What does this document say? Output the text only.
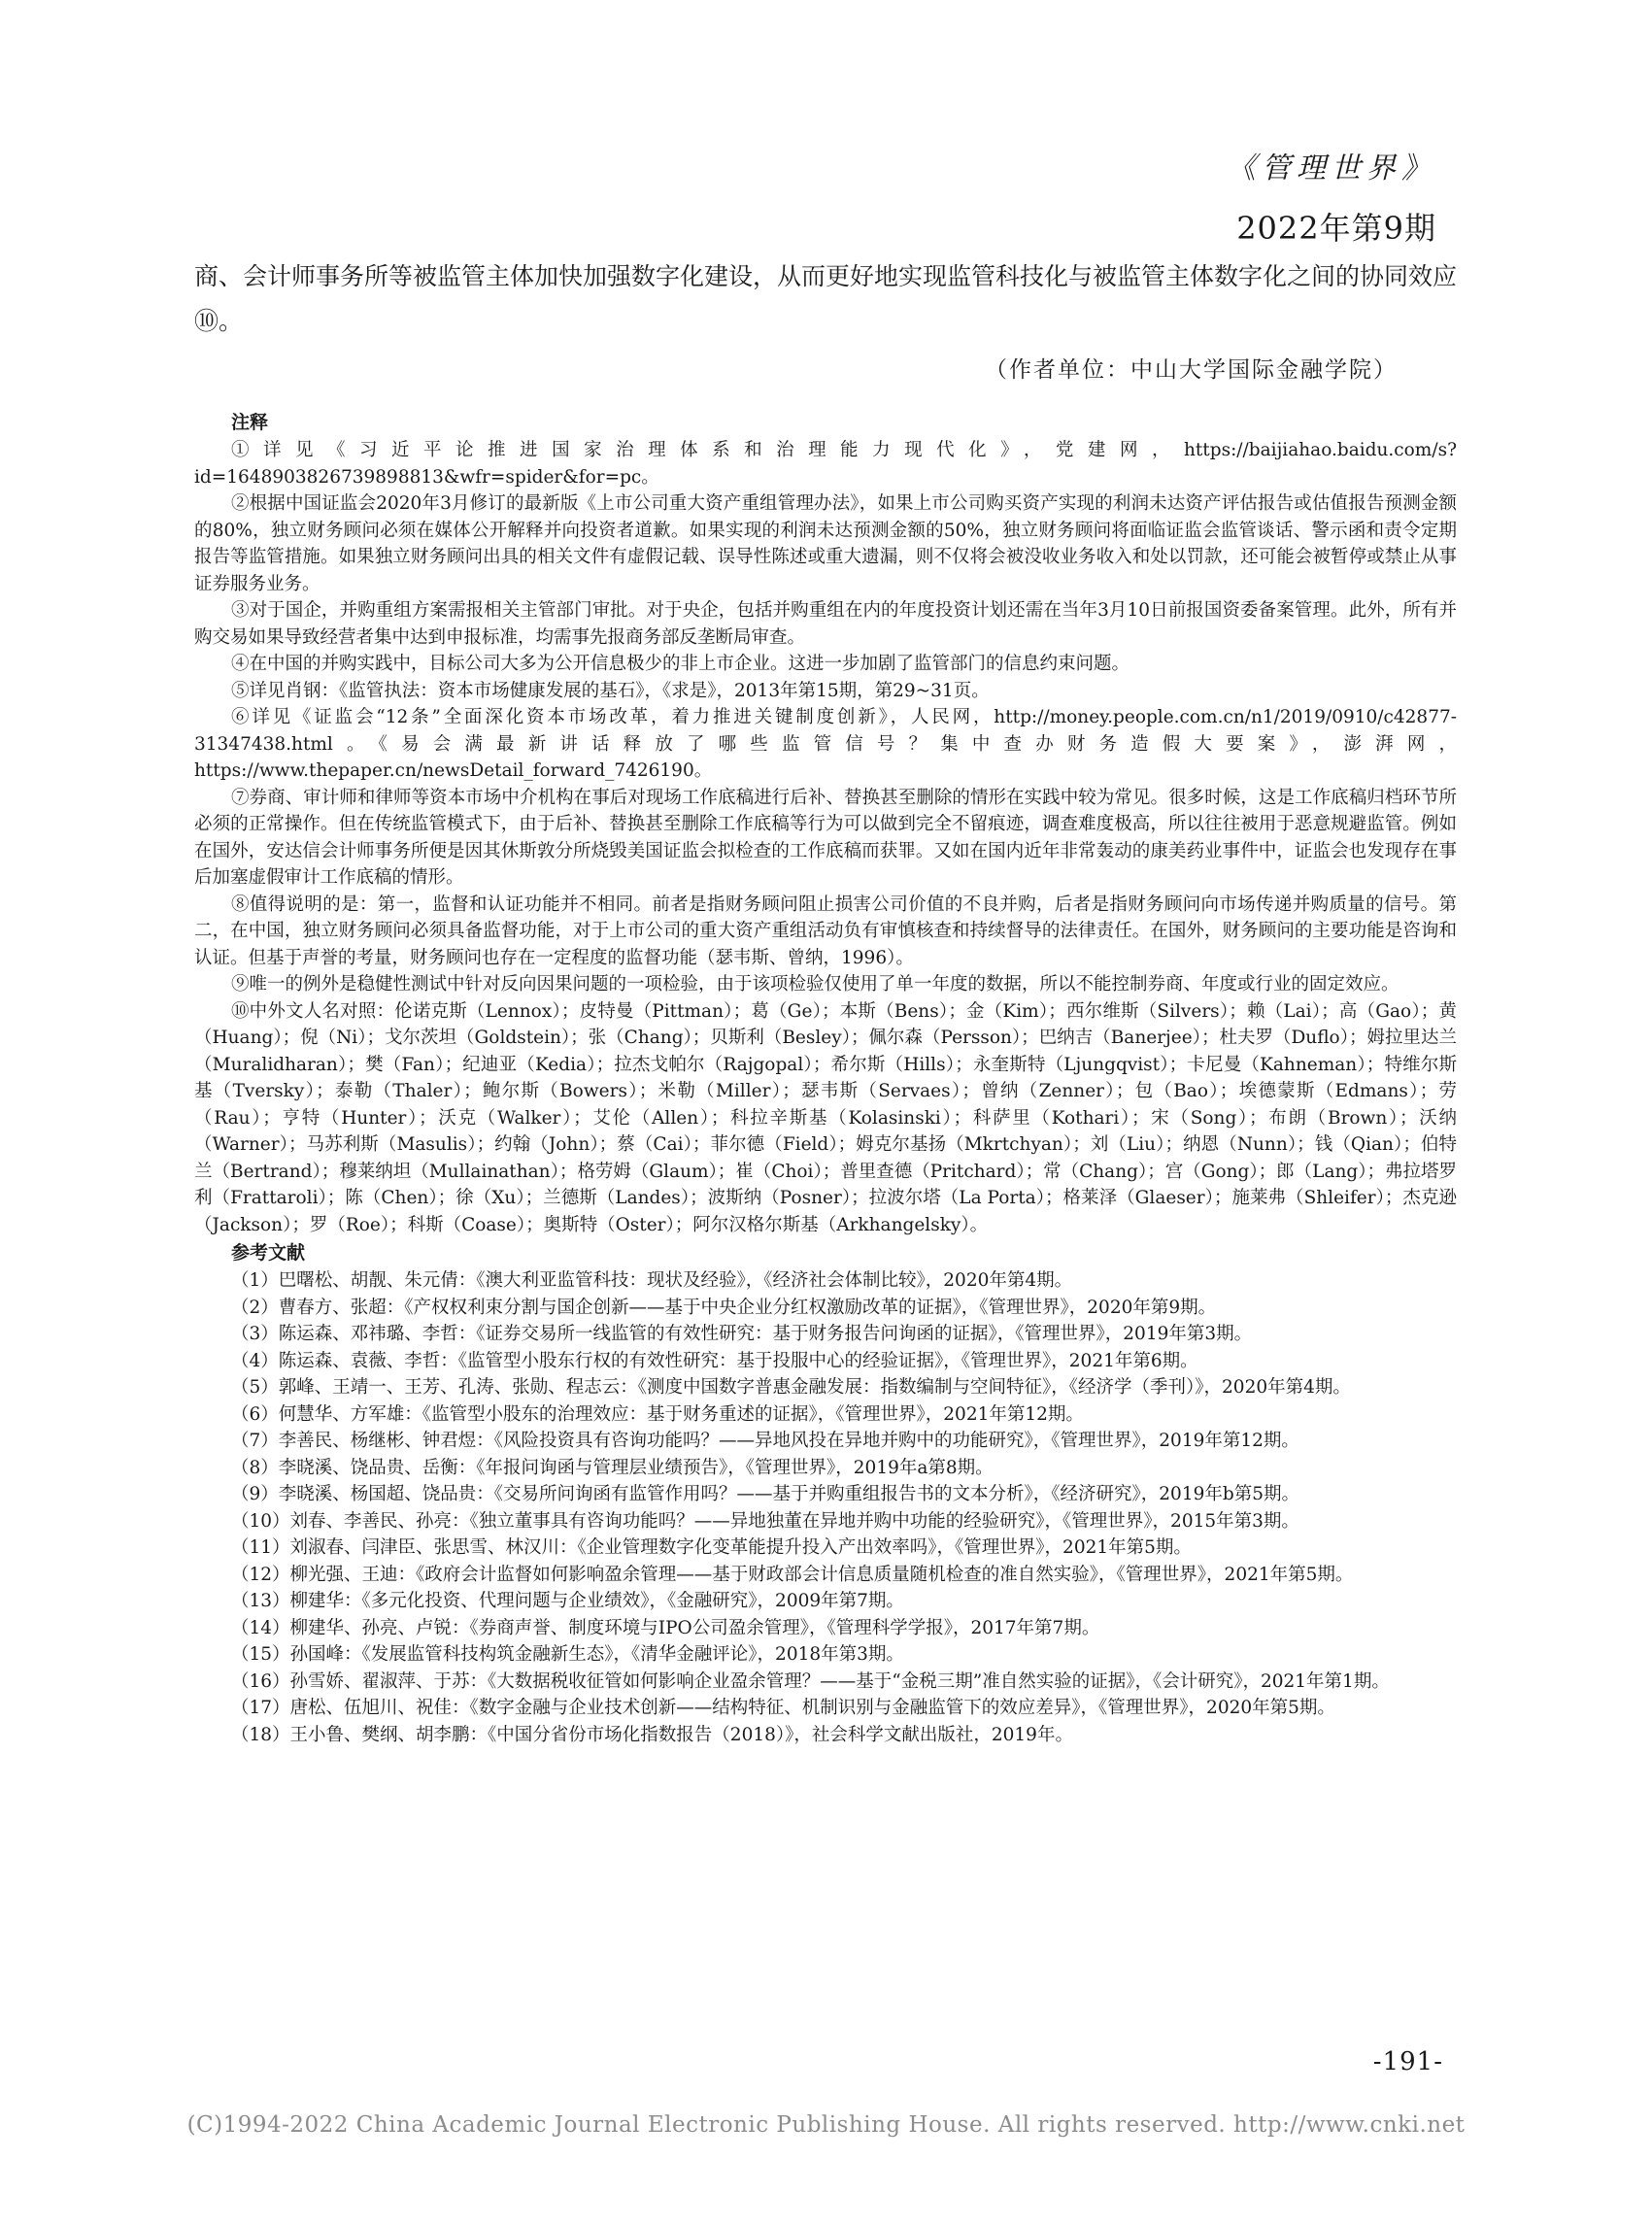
《管理世界》
2022年第9期
商、会计师事务所等被监管主体加快加强数字化建设，从而更好地实现监管科技化与被监管主体数字化之间的协同效应⑩。
（作者单位：中山大学国际金融学院）
注释

①详见《习近平论推进国家治理体系和治理能力现代化》，党建网，https://baijiahao.baidu.com/s?id=1648903826739898813&wfr=spider&for=pc。

②根据中国证监会2020年3月修订的最新版《上市公司重大资产重组管理办法》，如果上市公司购买资产实现的利润未达资产评估报告或估值报告预测金额的80%，独立财务顾问必须在媒体公开解释并向投资者道歉。如果实现的利润未达预测金额的50%，独立财务顾问将面临证监会监管谈话、警示函和责令定期报告等监管措施。如果独立财务顾问出具的相关文件有虚假记载、误导性陈述或重大遗漏，则不仅将会被没收业务收入和处以罚款，还可能会被暂停或禁止从事证券服务业务。

③对于国企，并购重组方案需报相关主管部门审批。对于央企，包括并购重组在内的年度投资计划还需在当年3月10日前报国资委备案管理。此外，所有并购交易如果导致经营者集中达到申报标准，均需事先报商务部反垄断局审查。

④在中国的并购实践中，目标公司大多为公开信息极少的非上市企业。这进一步加剧了监管部门的信息约束问题。

⑤详见肖钢：《监管执法：资本市场健康发展的基石》，《求是》，2013年第15期，第29~31页。

⑥详见《证监会“12条”全面深化资本市场改革，着力推进关键制度创新》，人民网，http://money.people.com.cn/n1/2019/0910/c42877-31347438.html。《易会满最新讲话释放了哪些监管信号？集中查办财务造假大要案》，澎湃网，https://www.thepaper.cn/newsDetail_forward_7426190。

⑦券商、审计师和律师等资本市场中介机构在事后对现场工作底稿进行后补、替换甚至删除的情形在实践中较为常见。很多时候，这是工作底稿归档环节所必须的正常操作。但在传统监管模式下，由于后补、替换甚至删除工作底稿等行为可以做到完全不留痕迹，调查难度极高，所以往往被用于恶意规避监管。例如在国外，安达信会计师事务所便是因其休斯敦分所烧毁美国证监会拟检查的工作底稿而获罪。又如在国内近年非常轰动的康美药业事件中，证监会也发现存在事后加塞虚假审计工作底稿的情形。

⑧值得说明的是：第一，监督和认证功能并不相同。前者是指财务顾问阻止损害公司价值的不良并购，后者是指财务顾问向市场传递并购质量的信号。第二，在中国，独立财务顾问必须具备监督功能，对于上市公司的重大资产重组活动负有审慎核查和持续督导的法律责任。在国外，财务顾问的主要功能是咨询和认证。但基于声誉的考量，财务顾问也存在一定程度的监督功能（瑟韦斯、曾纳，1996）。

⑨唯一的例外是稳健性测试中针对反向因果问题的一项检验，由于该项检验仅使用了单一年度的数据，所以不能控制券商、年度或行业的固定效应。

⑩中外文人名对照：伦诺克斯（Lennox）；皮特曼（Pittman）；葛（Ge）；本斯（Bens）；金（Kim）；西尔维斯（Silvers）；赖（Lai）；高（Gao）；黄（Huang）；倪（Ni）；戈尔茨坦（Goldstein）；张（Chang）；贝斯利（Besley）；佩尔森（Persson）；巴纳吉（Banerjee）；杜夫罗（Duflo）；姆拉里达兰（Muralidharan）；樊（Fan）；纪迪亚（Kedia）；拉杰戈帕尔（Rajgopal）；希尔斯（Hills）；永奎斯特（Ljungqvist）；卡尼曼（Kahneman）；特维尔斯基（Tversky）；泰勒（Thaler）；鲍尔斯（Bowers）；米勒（Miller）；瑟韦斯（Servaes）；曾纳（Zenner）；包（Bao）；埃德蒙斯（Edmans）；劳（Rau）；亨特（Hunter）；沃克（Walker）；艾伦（Allen）；科拉辛斯基（Kolasinski）；科萨里（Kothari）；宋（Song）；布朗（Brown）；沃纳（Warner）；马苏利斯（Masulis）；约翰（John）；蔡（Cai）；菲尔德（Field）；姆克尔基扬（Mkrtchyan）；刘（Liu）；纳恩（Nunn）；钱（Qian）；伯特兰（Bertrand）；穆莱纳坦（Mullainathan）；格劳姆（Glaum）；崔（Choi）；普里查德（Pritchard）；常（Chang）；宫（Gong）；郎（Lang）；弗拉塔罗利（Frattaroli）；陈（Chen）；徐（Xu）；兰德斯（Landes）；波斯纳（Posner）；拉波尔塔（La Porta）；格莱泽（Glaeser）；施莱弗（Shleifer）；杰克逊（Jackson）；罗（Roe）；科斯（Coase）；奥斯特（Oster）；阿尔汉格尔斯基（Arkhangelsky）。

参考文献

（1）巴曙松、胡靓、朱元倩：《澳大利亚监管科技：现状及经验》，《经济社会体制比较》，2020年第4期。

（2）曹春方、张超：《产权权利束分割与国企创新——基于中央企业分红权激励改革的证据》，《管理世界》，2020年第9期。

（3）陈运森、邓祎璐、李哲：《证券交易所一线监管的有效性研究：基于财务报告问询函的证据》，《管理世界》，2019年第3期。

（4）陈运森、袁薇、李哲：《监管型小股东行权的有效性研究：基于投服中心的经验证据》，《管理世界》，2021年第6期。

（5）郭峰、王靖一、王芳、孔涛、张勋、程志云：《测度中国数字普惠金融发展：指数编制与空间特征》，《经济学（季刊）》，2020年第4期。

（6）何慧华、方军雄：《监管型小股东的治理效应：基于财务重述的证据》，《管理世界》，2021年第12期。

（7）李善民、杨继彬、钟君煜：《风险投资具有咨询功能吗？——异地风投在异地并购中的功能研究》，《管理世界》，2019年第12期。

（8）李晓溪、饶品贵、岳衡：《年报问询函与管理层业绩预告》，《管理世界》，2019年a第8期。

（9）李晓溪、杨国超、饶品贵：《交易所问询函有监管作用吗？——基于并购重组报告书的文本分析》，《经济研究》，2019年b第5期。

（10）刘春、李善民、孙亮：《独立董事具有咨询功能吗？——异地独董在异地并购中功能的经验研究》，《管理世界》，2015年第3期。

（11）刘淑春、闫津臣、张思雪、林汉川：《企业管理数字化变革能提升投入产出效率吗》，《管理世界》，2021年第5期。

（12）柳光强、王迪：《政府会计监督如何影响盈余管理——基于财政部会计信息质量随机检查的准自然实验》，《管理世界》，2021年第5期。

（13）柳建华：《多元化投资、代理问题与企业绩效》，《金融研究》，2009年第7期。

（14）柳建华、孙亮、卢锐：《券商声誉、制度环境与IPO公司盈余管理》，《管理科学学报》，2017年第7期。

（15）孙国峰：《发展监管科技构筑金融新生态》，《清华金融评论》，2018年第3期。

（16）孙雪娇、翟淑萍、于苏：《大数据税收征管如何影响企业盈余管理？——基于“金税三期”准自然实验的证据》，《会计研究》，2021年第1期。

（17）唐松、伍旭川、祝佳：《数字金融与企业技术创新——结构特征、机制识别与金融监管下的效应差异》，《管理世界》，2020年第5期。

（18）王小鲁、樊纲、胡李鹏：《中国分省份市场化指数报告（2018）》，社会科学文献出版社，2019年。

-191-
(C)1994-2022 China Academic Journal Electronic Publishing House. All rights reserved. http://www.cnki.net
